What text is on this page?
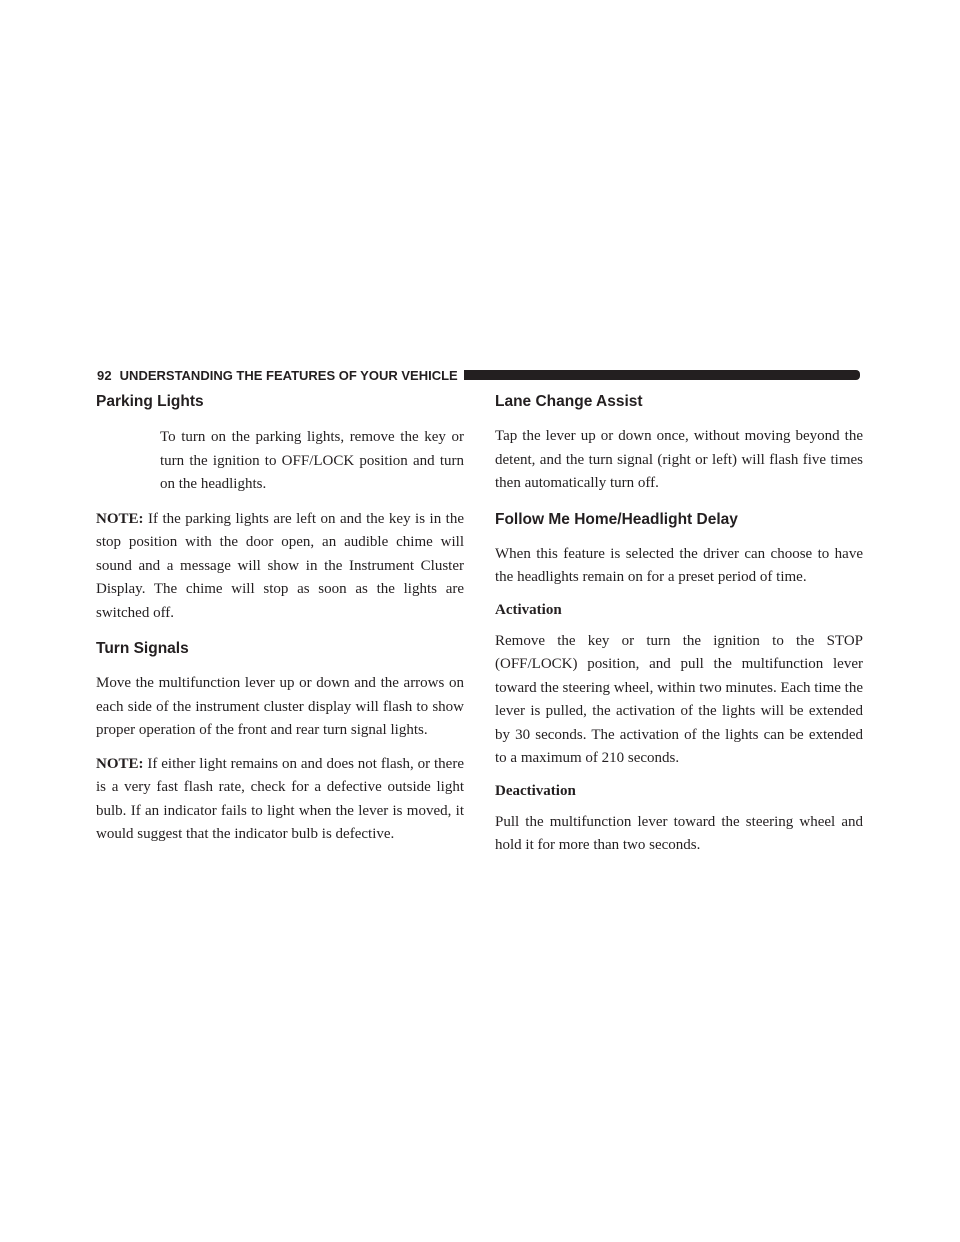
92 UNDERSTANDING THE FEATURES OF YOUR VEHICLE
Parking Lights

To turn on the parking lights, remove the key or turn the ignition to OFF/LOCK position and turn on the headlights.

NOTE: If the parking lights are left on and the key is in the stop position with the door open, an audible chime will sound and a message will show in the Instrument Cluster Display. The chime will stop as soon as the lights are switched off.

Turn Signals

Move the multifunction lever up or down and the arrows on each side of the instrument cluster display will flash to show proper operation of the front and rear turn signal lights.

NOTE: If either light remains on and does not flash, or there is a very fast flash rate, check for a defective outside light bulb. If an indicator fails to light when the lever is moved, it would suggest that the indicator bulb is defective.

Lane Change Assist

Tap the lever up or down once, without moving beyond the detent, and the turn signal (right or left) will flash five times then automatically turn off.

Follow Me Home/Headlight Delay

When this feature is selected the driver can choose to have the headlights remain on for a preset period of time.

Activation

Remove the key or turn the ignition to the STOP (OFF/LOCK) position, and pull the multifunction lever toward the steering wheel, within two minutes. Each time the lever is pulled, the activation of the lights will be extended by 30 seconds. The activation of the lights can be extended to a maximum of 210 seconds.

Deactivation

Pull the multifunction lever toward the steering wheel and hold it for more than two seconds.
